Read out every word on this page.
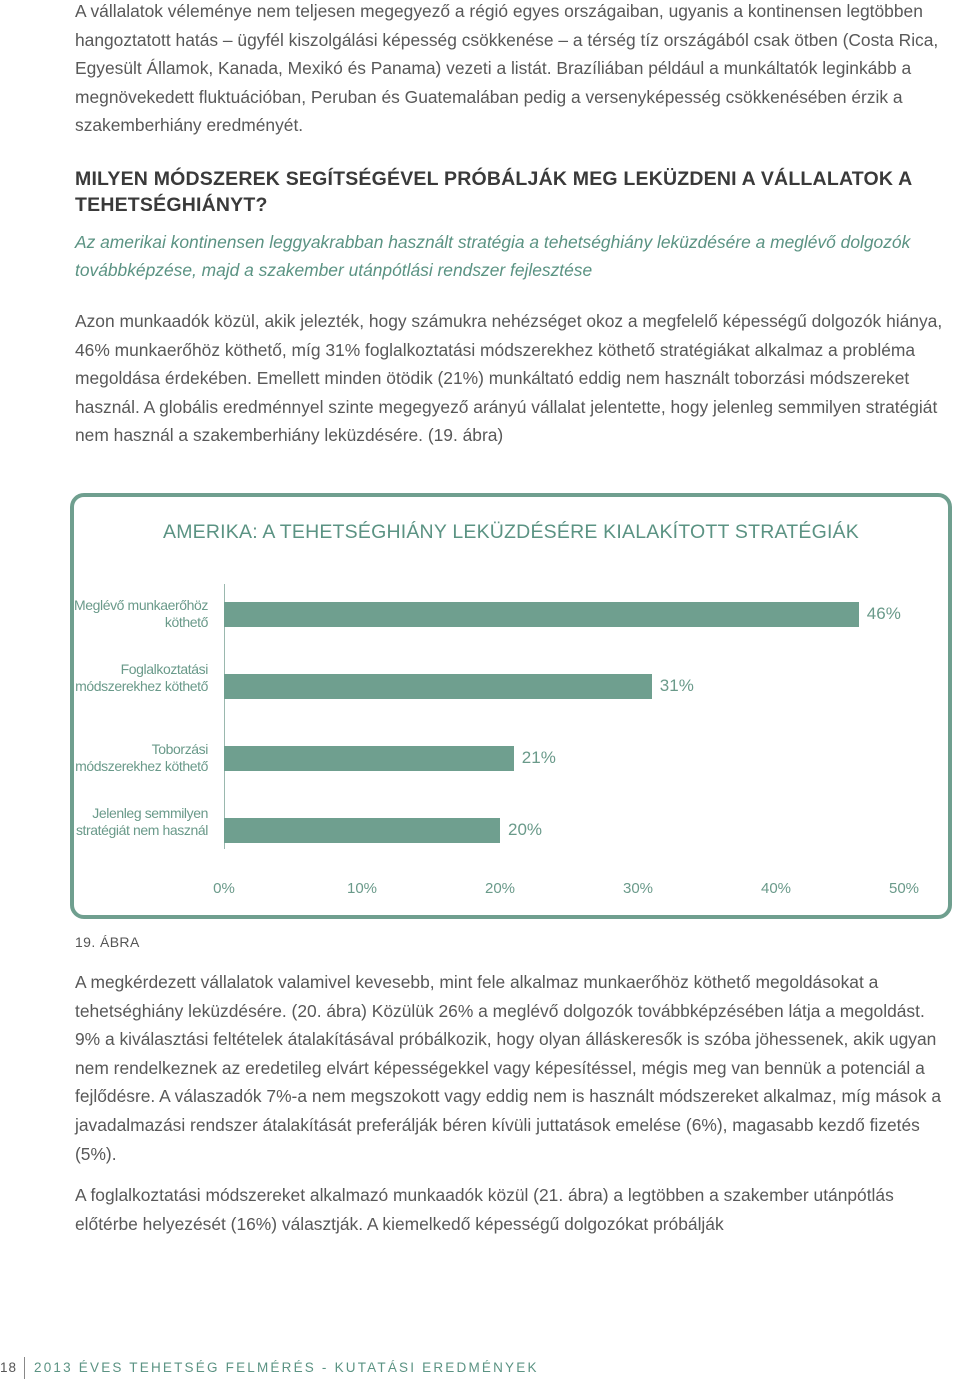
A vállalatok véleménye nem teljesen megegyező a régió egyes országaiban, ugyanis a kontinensen legtöbben hangoztatott hatás – ügyfél kiszolgálási képesség csökkenése – a térség tíz országából csak ötben (Costa Rica, Egyesült Államok, Kanada, Mexikó és Panama) vezeti a listát. Brazíliában például a munkáltatók leginkább a megnövekedett fluktuációban, Peruban és Guatemalában pedig a versenyképesség csökkenésében érzik a szakemberhiány eredményét.

MILYEN MÓDSZEREK SEGÍTSÉGÉVEL PRÓBÁLJÁK MEG LEKÜZDENI A VÁLLALATOK A TEHETSÉGHIÁNYT?

Az amerikai kontinensen leggyakrabban használt stratégia a tehetséghiány leküzdésére a meglévő dolgozók továbbképzése, majd a szakember utánpótlási rendszer fejlesztése

Azon munkaadók közül, akik jelezték, hogy számukra nehézséget okoz a megfelelő képességű dolgozók hiánya, 46% munkaerőhöz köthető, míg 31% foglalkoztatási módszerekhez köthető stratégiákat alkalmaz a probléma megoldása érdekében. Emellett minden ötödik (21%) munkáltató eddig nem használt toborzási módszereket használ. A globális eredménnyel szinte megegyező arányú vállalat jelentette, hogy jelenleg semmilyen stratégiát nem használ a szakemberhiány leküzdésére. (19. ábra)

AMERIKA: A TEHETSÉGHIÁNY LEKÜZDÉSÉRE KIALAKÍTOTT STRATÉGIÁK
Meglévő munkaerőhöz köthető	46%
Foglalkoztatási módszerekhez köthető	31%
Toborzási módszerekhez köthető	21%
Jelenleg semmilyen stratégiát nem használ	20%
0%	10%	20%	30%	40%	50%
19. ÁBRA

A megkérdezett vállalatok valamivel kevesebb, mint fele alkalmaz munkaerőhöz köthető megoldásokat a tehetséghiány leküzdésére. (20. ábra) Közülük 26% a meglévő dolgozók továbbképzésében látja a megoldást. 9% a kiválasztási feltételek átalakításával próbálkozik, hogy olyan álláskeresők is szóba jöhessenek, akik ugyan nem rendelkeznek az eredetileg elvárt képességekkel vagy képesítéssel, mégis meg van bennük a potenciál a fejlődésre. A válaszadók 7%-a nem megszokott vagy eddig nem is használt módszereket alkalmaz, míg mások a javadalmazási rendszer átalakítását preferálják béren kívüli juttatások emelése (6%), magasabb kezdő fizetés (5%).

A foglalkoztatási módszereket alkalmazó munkaadók közül (21. ábra) a legtöbben a szakember utánpótlás előtérbe helyezését (16%) választják. A kiemelkedő képességű dolgozókat próbálják

18 2013 ÉVES TEHETSÉG FELMÉRÉS - KUTATÁSI EREDMÉNYEK
